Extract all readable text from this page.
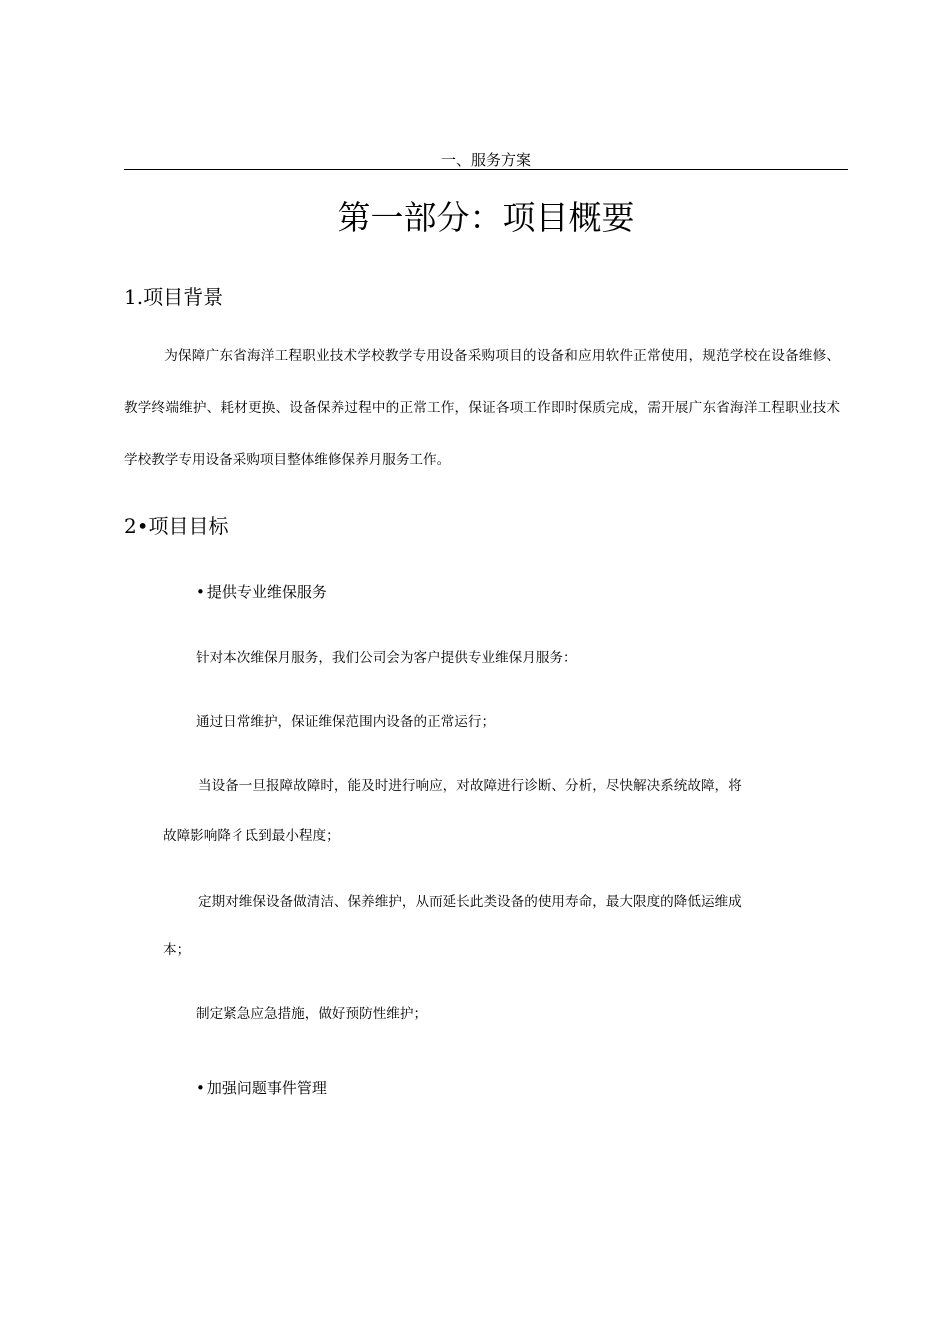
一、服务方案
第一部分：项目概要
1.项目背景
为保障广东省海洋工程职业技术学校教学专用设备采购项目的设备和应用软件正常使用，规范学校在设备维修、教学终端维护、耗材更换、设备保养过程中的正常工作，保证各项工作即时保质完成，需开展广东省海洋工程职业技术学校教学专用设备采购项目整体维修保养月服务工作。
2•项目目标
• 提供专业维保服务
针对本次维保月服务，我们公司会为客户提供专业维保月服务：
通过日常维护，保证维保范围内设备的正常运行；
当设备一旦报障故障时，能及时进行响应，对故障进行诊断、分析，尽快解决系统故障，将
故障影响降彳氐到最小程度；
定期对维保设备做清洁、保养维护，从而延长此类设备的使用寿命，最大限度的降低运维成
本；
制定紧急应急措施，做好预防性维护；
• 加强问题事件管理
